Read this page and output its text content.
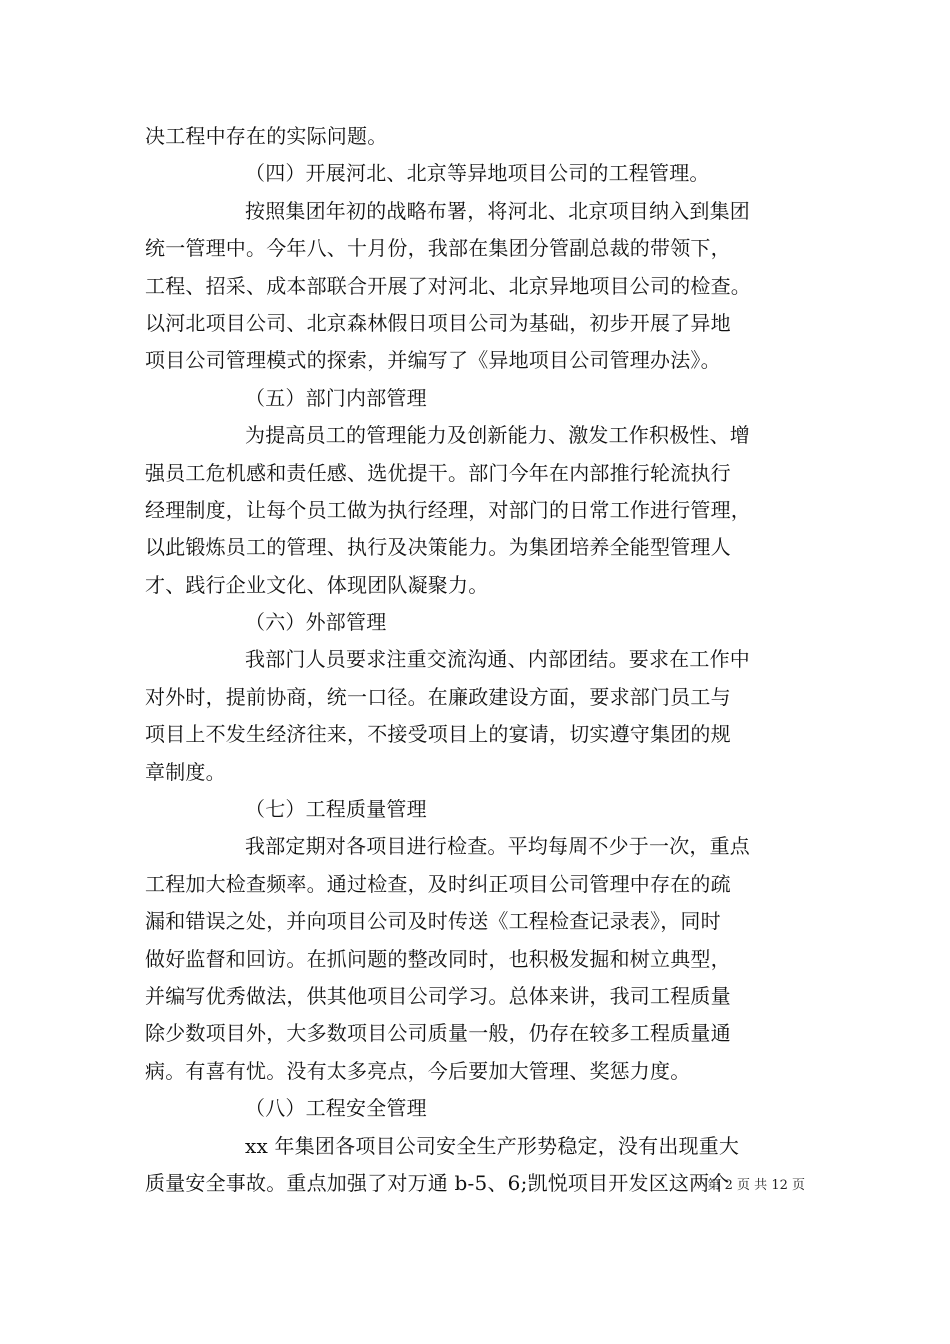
决工程中存在的实际问题。
（四）开展河北、北京等异地项目公司的工程管理。
按照集团年初的战略布署，将河北、北京项目纳入到集团
统一管理中。今年八、十月份，我部在集团分管副总裁的带领下，
工程、招采、成本部联合开展了对河北、北京异地项目公司的检查。
以河北项目公司、北京森林假日项目公司为基础，初步开展了异地
项目公司管理模式的探索，并编写了《异地项目公司管理办法》。
（五）部门内部管理
为提高员工的管理能力及创新能力、激发工作积极性、增
强员工危机感和责任感、选优提干。部门今年在内部推行轮流执行
经理制度，让每个员工做为执行经理，对部门的日常工作进行管理，
以此锻炼员工的管理、执行及决策能力。为集团培养全能型管理人
才、践行企业文化、体现团队凝聚力。
（六）外部管理
我部门人员要求注重交流沟通、内部团结。要求在工作中
对外时，提前协商，统一口径。在廉政建设方面，要求部门员工与
项目上不发生经济往来，不接受项目上的宴请，切实遵守集团的规
章制度。
（七）工程质量管理
我部定期对各项目进行检查。平均每周不少于一次，重点
工程加大检查频率。通过检查，及时纠正项目公司管理中存在的疏
漏和错误之处，并向项目公司及时传送《工程检查记录表》，同时
做好监督和回访。在抓问题的整改同时，也积极发掘和树立典型，
并编写优秀做法，供其他项目公司学习。总体来讲，我司工程质量
除少数项目外，大多数项目公司质量一般，仍存在较多工程质量通
病。有喜有忧。没有太多亮点，今后要加大管理、奖惩力度。
（八）工程安全管理
xx 年集团各项目公司安全生产形势稳定，没有出现重大
质量安全事故。重点加强了对万通 b-5、6;凯悦项目开发区这两个
第 2 页 共 12 页
